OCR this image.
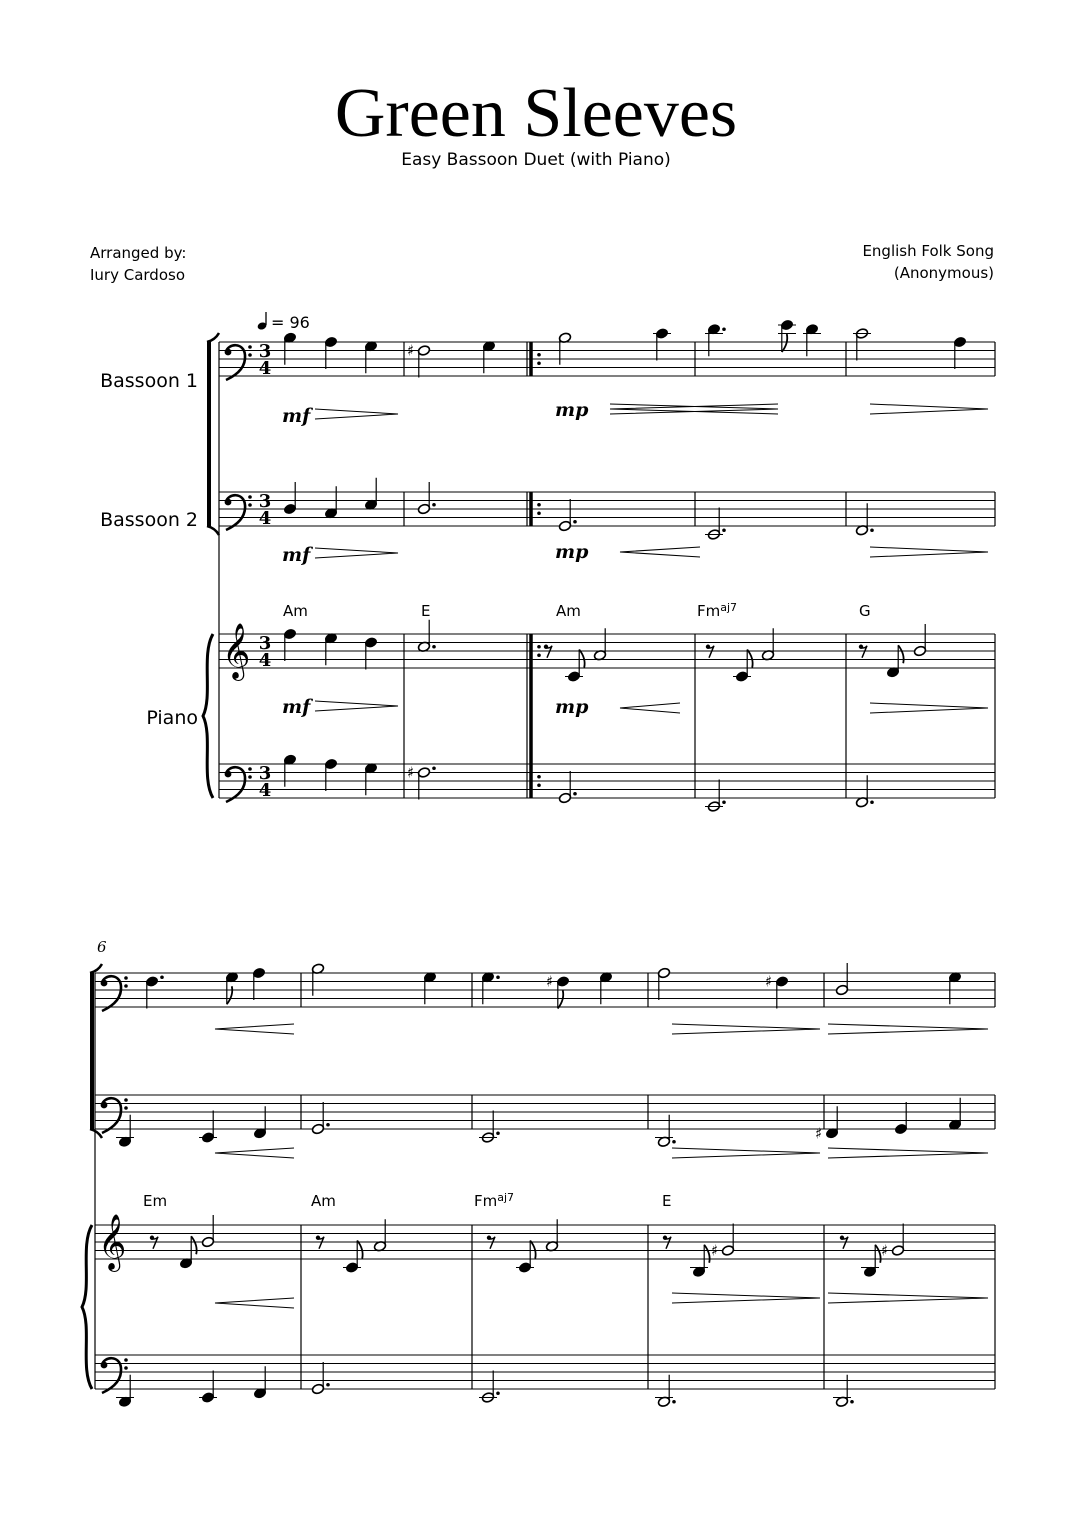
Green Sleeves
Easy Bassoon Duet (with Piano)
Arranged by:
Iury Cardoso
English Folk Song
(Anonymous)
Bassoon 1
Bassoon 2
Piano
= 96
𝄞
3
4
3
4
3
4
3
4
♯
♯
mf	mp
mf	mp
mf	mp
Am	E	Am	$Fm^{aj7}$	G
𝄞
6
♯	♯
♯
♯	♯
Em	Am	$Fm^{aj7}$	E
